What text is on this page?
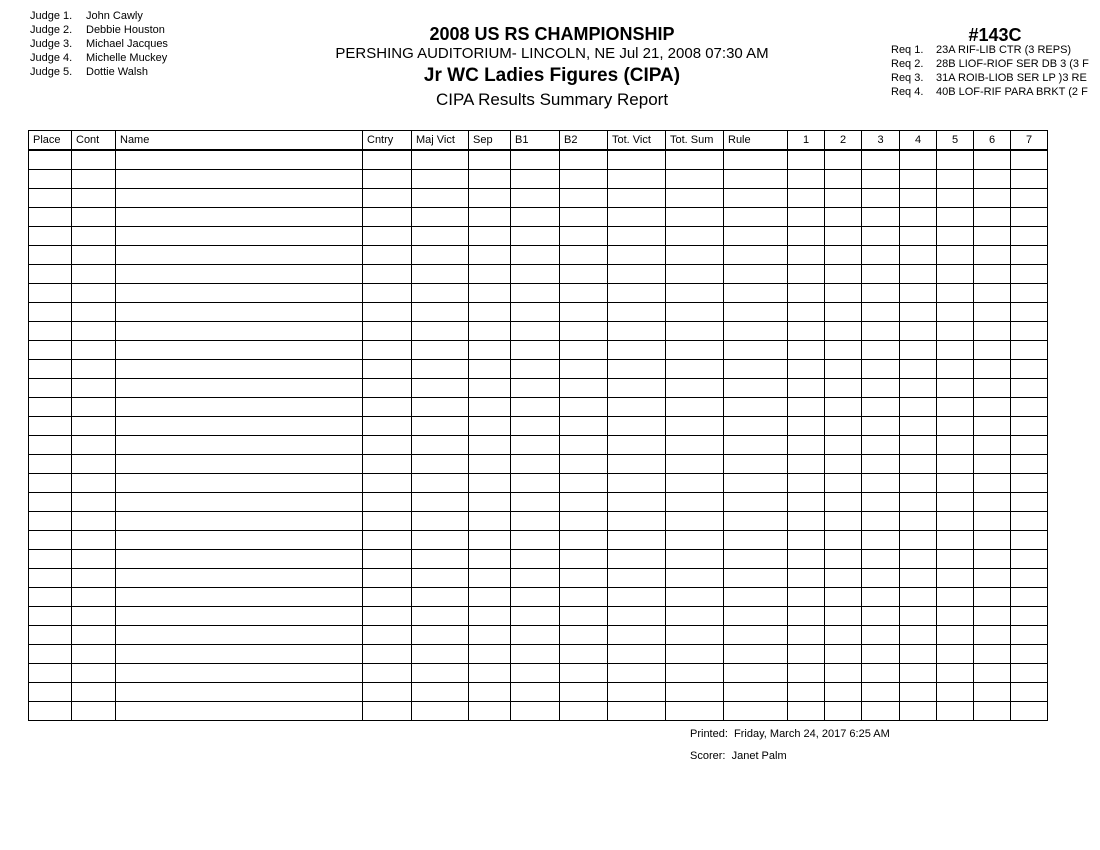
Judge 1. John Cawly
Judge 2. Debbie Houston
Judge 3. Michael Jacques
Judge 4. Michelle Muckey
Judge 5. Dottie Walsh
2008 US RS CHAMPIONSHIP
PERSHING AUDITORIUM- LINCOLN, NE Jul 21, 2008 07:30 AM
Jr WC Ladies Figures (CIPA)
CIPA Results Summary Report
#143C
Req 1. 23A RIF-LIB CTR (3 REPS)
Req 2. 28B LIOF-RIOF SER DB 3 (3 F
Req 3. 31A ROIB-LIOB SER LP )3 RE
Req 4. 40B LOF-RIF PARA BRKT (2 F
Place	Cont	Name	Cntry	Maj Vict	Sep	B1	B2	Tot. Vict	Tot. Sum	Rule	1	2	3	4	5	6	7

Printed: Friday, March 24, 2017 6:25 AM
Scorer: Janet Palm
